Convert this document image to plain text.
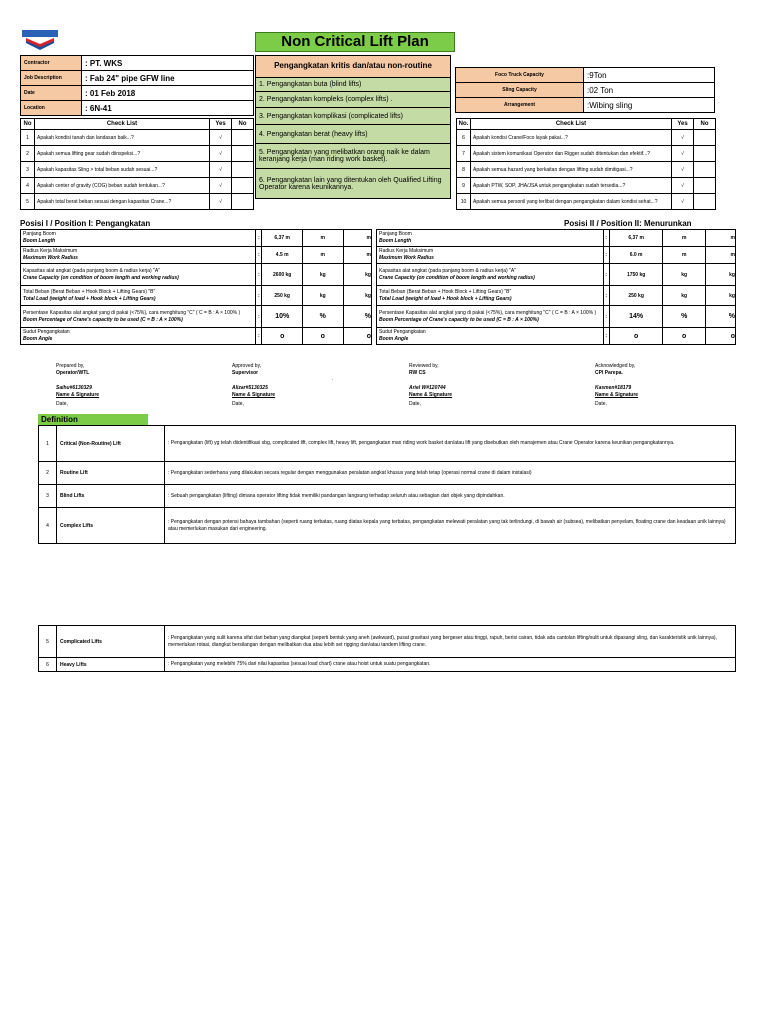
Non Critical Lift Plan
Contractor	: PT. WKS
Job Description	: Fab 24" pipe GFW line
Date	: 01 Feb 2018
Location	: 6N-41
Pengangkatan kritis dan/atau non-routine
1. Pengangkatan buta (blind lifts)
2. Pengangkatan kompleks (complex lifts) .
3. Pengangkatan komplikasi (complicated lifts)
4. Pengangkatan berat (heavy lifts)
5. Pengangkatan yang melibatkan orang naik ke dalam keranjang kerja (man riding work basket).
6. Pengangkatan lain yang ditentukan oleh Qualified Lifting Operator karena keunikannya.
Foco Truck Capacity	:9Ton
Sling Capacity	:02 Ton
Arrangement	:Wibing sling
No	Check List	Yes	No
1	Apakah kondisi tanah dan landasan baik...?	√	
2	Apakah semua lifting gear sudah diinspeksi...?	√	
3	Apakah kapasitas Sling > total beban sudah sesuai...?	√	
4	Apakah center of gravity (COG) beban sudah tentukan...?	√	
5	Apakah total berat beban sesuai dengan kapasitas Crane...?	√	
No.	Check List	Yes	No
6	Apakah kondisi Crane/Foco layak pakai...?	√	
7	Apakah sistem komunikasi Operator dan Rigger sudah ditentukan dan efektif...?	√	
8	Apakah semua hazard yang berkaitan dengan lifting sudah dimitigasi...?	√	
9	Apakah PTW, SOP, JHA/JSA untuk pengangkatan sudah tersedia...?	√	
10	Apakah semua personil yang terlibat dengan pengangkatan dalam kondisi sehat...?	√	
Posisi I / Position I: Pengangkatan	Posisi II / Position II: Menurunkan
Panjang Boom
Boom Length	:	6,37 m	m	m

Radius Kerja Maksimum
Maximum Work Radius	:	4.5 m	m	m

Kapasitas alat angkat (pada panjang boom & radius kerja) "A"
Crane Capacity (on condition of boom length and working radius)	:	2600 kg	kg	kg

Total Beban (Berat Beban + Hook Block + Lifting Gears) "B"
Total Load (weight of load + Hook block + Lifting Gears)	:	250 kg	kg	kg

Persentase Kapasitas alat angkat yang di pakai (<75%), cara menghitung "C" ( C = B : A × 100% )
Boom Percentage of Crane's capacity to be used (C = B : A × 100%)	:	10%	%	%

Sudut Pengangkatan
Boom Angle	:	o	o	o
Panjang Boom
Boom Length	:	6,37 m	m	m

Radius Kerja Maksimum
Maximum Work Radius	:	6.0 m	m	m

Kapasitas alat angkat (pada panjang boom & radius kerja) "A"
Crane Capacity (on condition of boom length and working radius)	:	1750 kg	kg	kg

Total Beban (Berat Beban + Hook Block + Lifting Gears) "B"
Total Load (weight of load + Hook block + Lifting Gears)	:	250 kg	kg	kg

Persentase Kapasitas alat angkat yang di pakai (<75%), cara menghitung "C" ( C = B : A × 100% )
Boom Percentage of Crane's capacity to be used (C = B : A × 100%)	:	14%	%	%

Sudut Pengangkatan
Boom Angle	:	o	o	o
Prepared by,
Operator/WTL
Saihu#6130329
Name & Signature
Date,
Approved by,
Supervisor
Alizar#5130325
Name & Signature
Date,
Reviewed by,
RW CS
Ariel W#120744
Name & Signature
Date,
Acknowledged by,
CPI Parepa.
Kasmen#18179
Name & Signature
Date,
.	.
Definition
1	Critical (Non-Routine) Lift	: Pengangkatan (lift) yg telah diidentifikasi sbg, complicated lift, complex lift, heavy lift, pengangkatan man riding work basket dan/atau lift yang disebutkan oleh manajemen atau Crane Operator karena keunikan pengangkatannya.
2	Routine Lift	: Pengangkatan sederhana yang dilakukan secara regular dengan menggunakan peralatan angkat khusus yang telah tetap (operasi normal crane di dalam instalasi)
3	Blind Lifts	: Sebuah pengangkatan (lifting) dimana operator lifting tidak memiliki pandangan langsung terhadap seluruh atau sebagian dari objek yang dipindahkan.
4	Complex Lifts	: Pengangkatan dengan potensi bahaya tambahan (seperti ruang terbatas, ruang diatas kepala yang terbatas, pengangkatan melewati peralatan yang tak terlindungi, di bawah air (subsea), melibatkan penyelam, floating crane dan keadaan unik lainnya) atau memerlukan masukan dari engineering.
5	Complicated Lifts	: Pengangkatan yang sulit karena sifat dari beban yang diangkat (seperti bentuk yang aneh (awkward), pusat gravitasi yang bergeser atau tinggi, rapuh, berisi cairan, tidak ada cantolan lifting/sulit untuk dipasangi sling, dan karakteristik unik lainnya), memerlukan rotasi, diangkut bersilangan dengan melibatkan dua atau lebih set rigging dan/atau tandem lifting crane.
6	Heavy Lifts	: Pengangkatan yang melebihi 75% dari nilai kapasitas (sesuai load chart) crane atau hoist untuk suatu pengangkatan.
